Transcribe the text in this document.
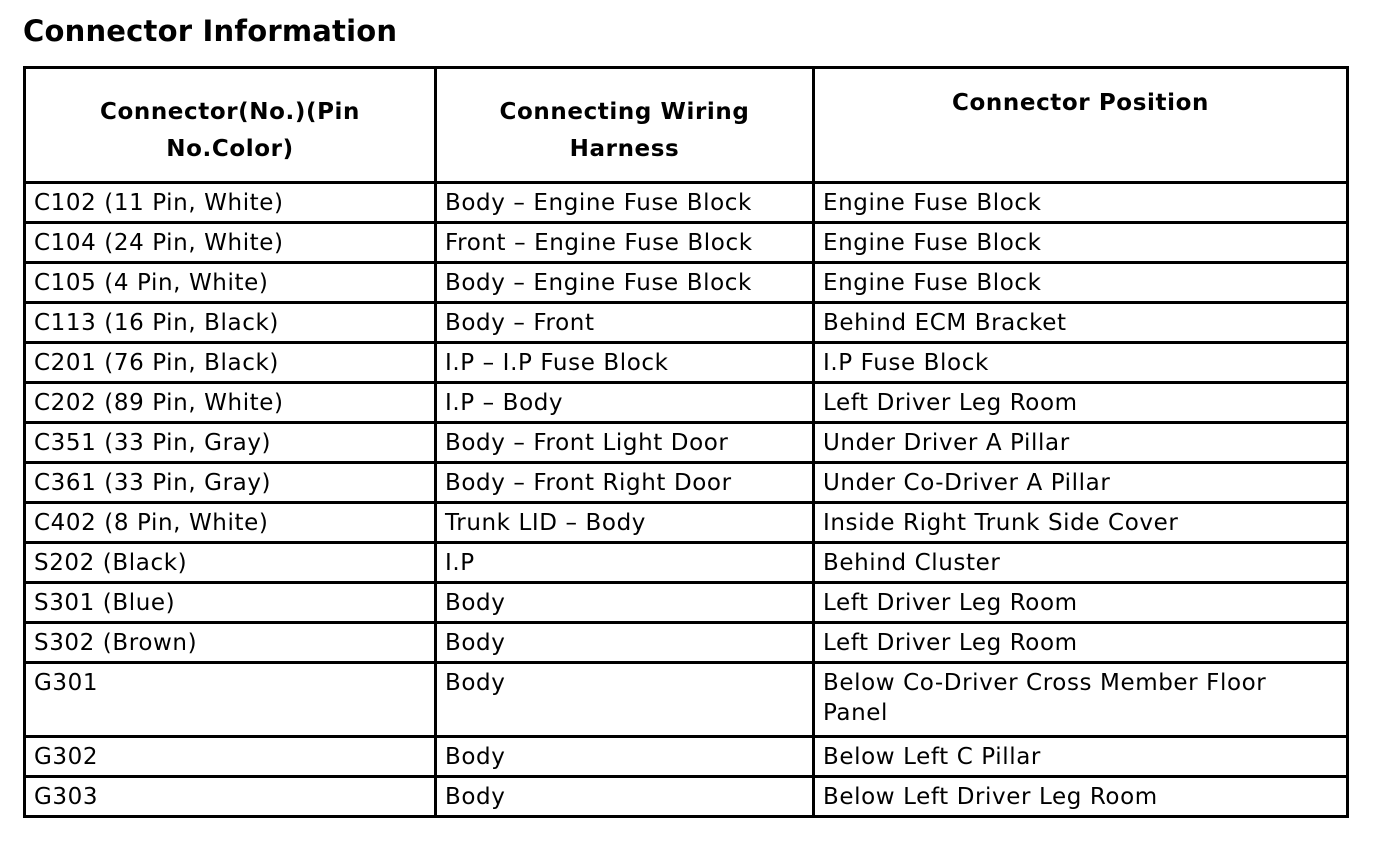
Connector Information
Connector(No.)(Pin No.Color)	Connecting Wiring Harness	Connector Position
C102 (11 Pin, White)	Body – Engine Fuse Block	Engine Fuse Block
C104 (24 Pin, White)	Front – Engine Fuse Block	Engine Fuse Block
C105 (4 Pin, White)	Body – Engine Fuse Block	Engine Fuse Block
C113 (16 Pin, Black)	Body – Front	Behind ECM Bracket
C201 (76 Pin, Black)	I.P – I.P Fuse Block	I.P Fuse Block
C202 (89 Pin, White)	I.P – Body	Left Driver Leg Room
C351 (33 Pin, Gray)	Body – Front Light Door	Under Driver A Pillar
C361 (33 Pin, Gray)	Body – Front Right Door	Under Co-Driver A Pillar
C402 (8 Pin, White)	Trunk LID – Body	Inside Right Trunk Side Cover
S202 (Black)	I.P	Behind Cluster
S301 (Blue)	Body	Left Driver Leg Room
S302 (Brown)	Body	Left Driver Leg Room
G301	Body	Below Co-Driver Cross Member Floor Panel
G302	Body	Below Left C Pillar
G303	Body	Below Left Driver Leg Room
